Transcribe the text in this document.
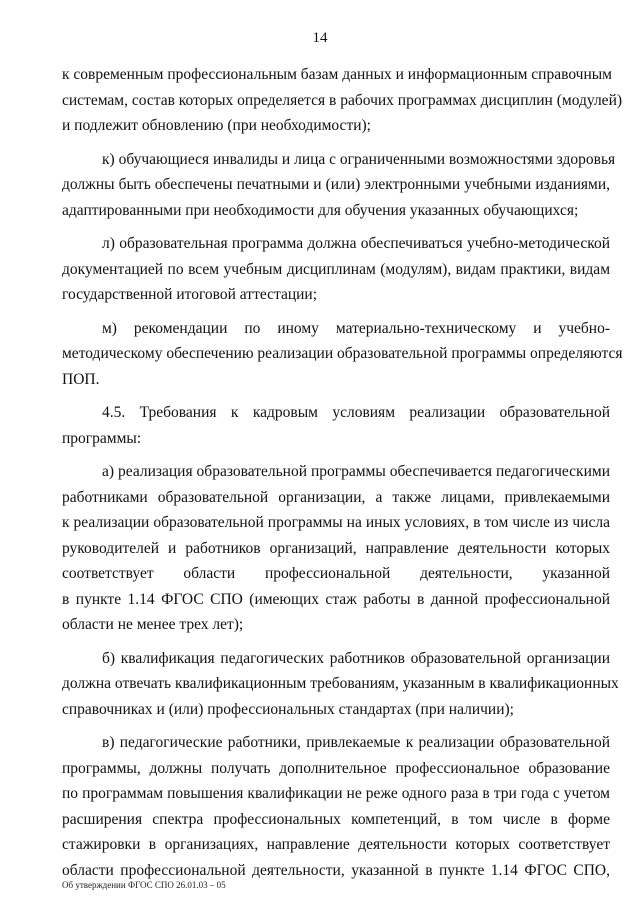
14
к современным профессиональным базам данных и информационным справочным
системам, состав которых определяется в рабочих программах дисциплин (модулей)
и подлежит обновлению (при необходимости);
к) обучающиеся инвалиды и лица с ограниченными возможностями здоровья
должны быть обеспечены печатными и (или) электронными учебными изданиями,
адаптированными при необходимости для обучения указанных обучающихся;
л) образовательная программа должна обеспечиваться учебно-методической
документацией по всем учебным дисциплинам (модулям), видам практики, видам
государственной итоговой аттестации;
м) рекомендации по иному материально-техническому и учебно-
методическому обеспечению реализации образовательной программы определяются
ПОП.
4.5. Требования к кадровым условиям реализации образовательной
программы:
а) реализация образовательной программы обеспечивается педагогическими
работниками образовательной организации, а также лицами, привлекаемыми
к реализации образовательной программы на иных условиях, в том числе из числа
руководителей и работников организаций, направление деятельности которых
соответствует области профессиональной деятельности, указанной
в пункте 1.14 ФГОС СПО (имеющих стаж работы в данной профессиональной
области не менее трех лет);
б) квалификация педагогических работников образовательной организации
должна отвечать квалификационным требованиям, указанным в квалификационных
справочниках и (или) профессиональных стандартах (при наличии);
в) педагогические работники, привлекаемые к реализации образовательной
программы, должны получать дополнительное профессиональное образование
по программам повышения квалификации не реже одного раза в три года с учетом
расширения спектра профессиональных компетенций, в том числе в форме
стажировки в организациях, направление деятельности которых соответствует
области профессиональной деятельности, указанной в пункте 1.14 ФГОС СПО,
Об утверждении ФГОС СПО 26.01.03 – 05
